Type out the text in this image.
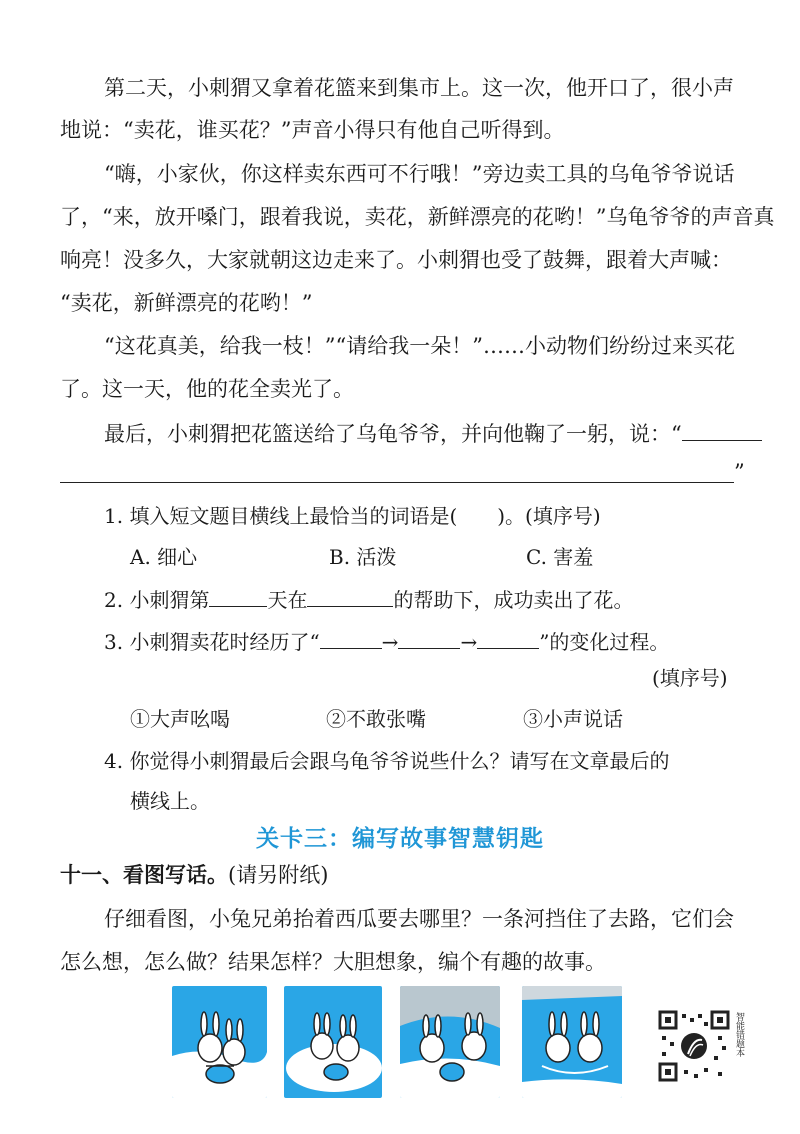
第二天，小刺猬又拿着花篮来到集市上。这一次，他开口了，很小声
地说：“卖花，谁买花？”声音小得只有他自己听得到。
“嗨，小家伙，你这样卖东西可不行哦！”旁边卖工具的乌龟爷爷说话
了，“来，放开嗓门，跟着我说，卖花，新鲜漂亮的花哟！”乌龟爷爷的声音真
响亮！没多久，大家就朝这边走来了。小刺猬也受了鼓舞，跟着大声喊：
“卖花，新鲜漂亮的花哟！”
“这花真美，给我一枝！”“请给我一朵！”……小动物们纷纷过来买花
了。这一天，他的花全卖光了。
最后，小刺猬把花篮送给了乌龟爷爷，并向他鞠了一躬，说：“
”
1. 填入短文题目横线上最恰当的词语是(　　)。(填序号)
A. 细心	B. 活泼	C. 害羞
2. 小刺猬第	天在	的帮助下，成功卖出了花。
3. 小刺猬卖花时经历了“	→	→	”的变化过程。
(填序号)
①大声吆喝	②不敢张嘴	③小声说话
4. 你觉得小刺猬最后会跟乌龟爷爷说些什么？请写在文章最后的
横线上。
关卡三：编写故事智慧钥匙
十一、看图写话。(请另附纸)
仔细看图，小兔兄弟抬着西瓜要去哪里？一条河挡住了去路，它们会
怎么想，怎么做？结果怎样？大胆想象，编个有趣的故事。
智能错题本
